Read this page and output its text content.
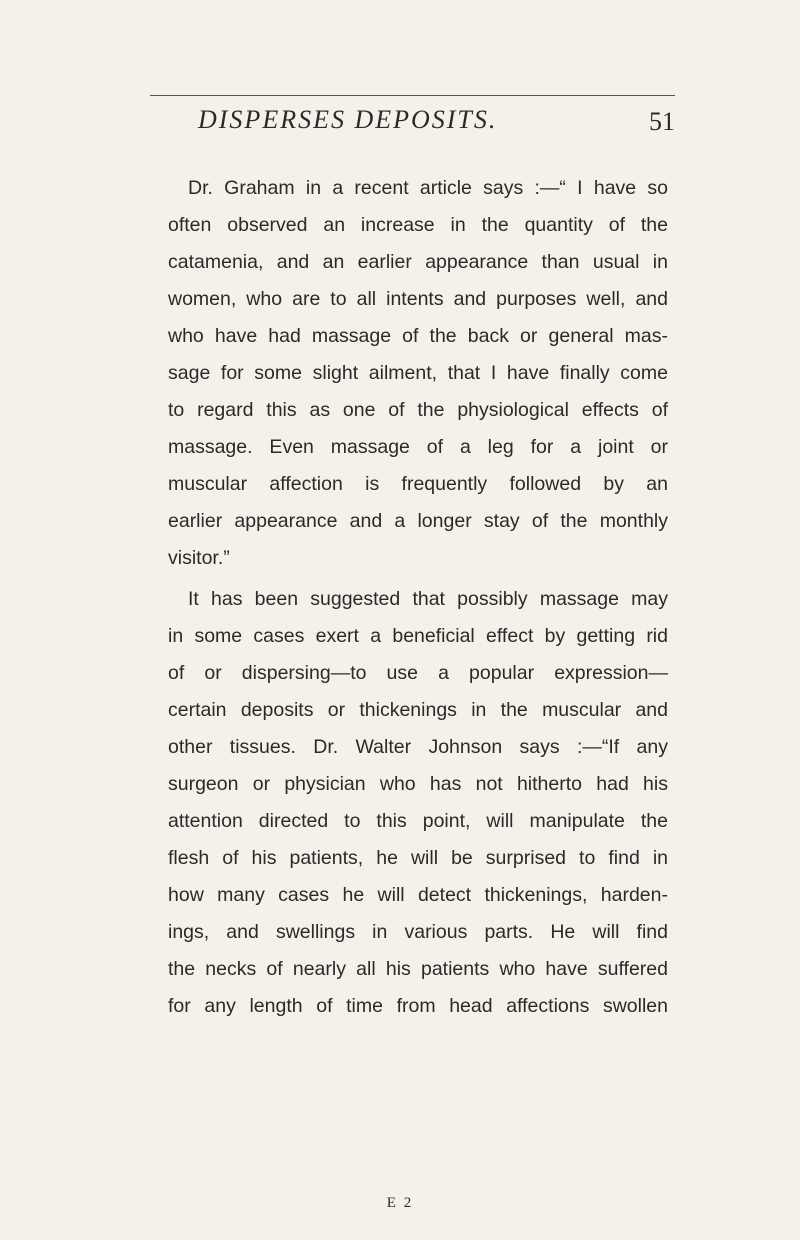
DISPERSES DEPOSITS.	51
Dr. Graham in a recent article says :—“ I have so
often observed an increase in the quantity of the
catamenia, and an earlier appearance than usual in
women, who are to all intents and purposes well, and
who have had massage of the back or general mas-
sage for some slight ailment, that I have finally come
to regard this as one of the physiological effects of
massage. Even massage of a leg for a joint or
muscular affection is frequently followed by an
earlier appearance and a longer stay of the monthly
visitor.”
It has been suggested that possibly massage may
in some cases exert a beneficial effect by getting rid
of or dispersing—to use a popular expression—
certain deposits or thickenings in the muscular and
other tissues. Dr. Walter Johnson says :—“If any
surgeon or physician who has not hitherto had his
attention directed to this point, will manipulate the
flesh of his patients, he will be surprised to find in
how many cases he will detect thickenings, harden-
ings, and swellings in various parts. He will find
the necks of nearly all his patients who have suffered
for any length of time from head affections swollen
E 2
